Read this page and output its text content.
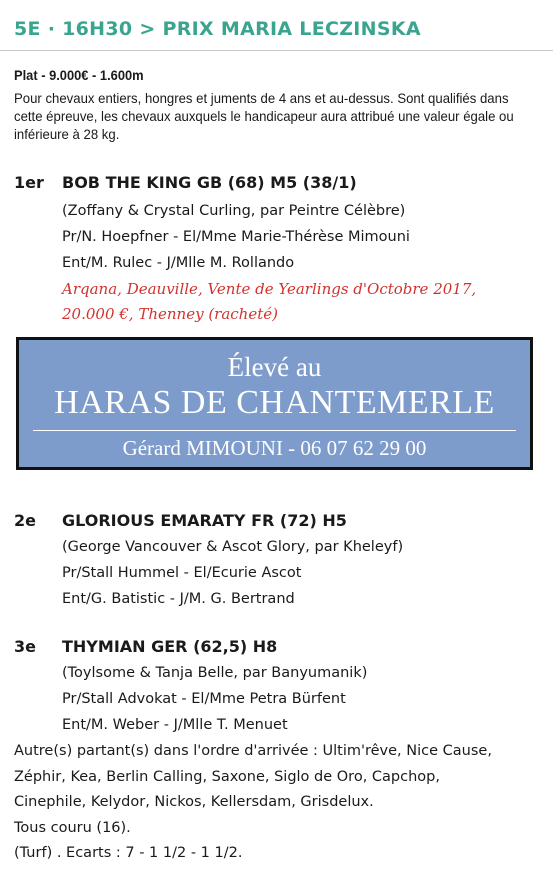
5E · 16H30 > PRIX MARIA LECZINSKA
Plat - 9.000€ - 1.600m
Pour chevaux entiers, hongres et juments de 4 ans et au-dessus. Sont qualifiés dans cette épreuve, les chevaux auxquels le handicapeur aura attribué une valeur égale ou inférieure à 28 kg.
1er BOB THE KING GB (68) M5 (38/1)
(Zoffany & Crystal Curling, par Peintre Célèbre)
Pr/N. Hoepfner - El/Mme Marie-Thérèse Mimouni
Ent/M. Rulec - J/Mlle M. Rollando
Arqana, Deauville, Vente de Yearlings d'Octobre 2017,
20.000 €, Thenney (racheté)
Élevé au
HARAS DE CHANTEMERLE
Gérard MIMOUNI - 06 07 62 29 00
2e GLORIOUS EMARATY FR (72) H5
(George Vancouver & Ascot Glory, par Kheleyf)
Pr/Stall Hummel - El/Ecurie Ascot
Ent/G. Batistic - J/M. G. Bertrand
3e THYMIAN GER (62,5) H8
(Toylsome & Tanja Belle, par Banyumanik)
Pr/Stall Advokat - El/Mme Petra Bürfent
Ent/M. Weber - J/Mlle T. Menuet

Autre(s) partant(s) dans l'ordre d'arrivée : Ultim'rêve, Nice Cause,

Zéphir, Kea, Berlin Calling, Saxone, Siglo de Oro, Capchop,

Cinephile, Kelydor, Nickos, Kellersdam, Grisdelux.

Tous couru (16).

(Turf) . Ecarts : 7 - 1 1/2 - 1 1/2.
